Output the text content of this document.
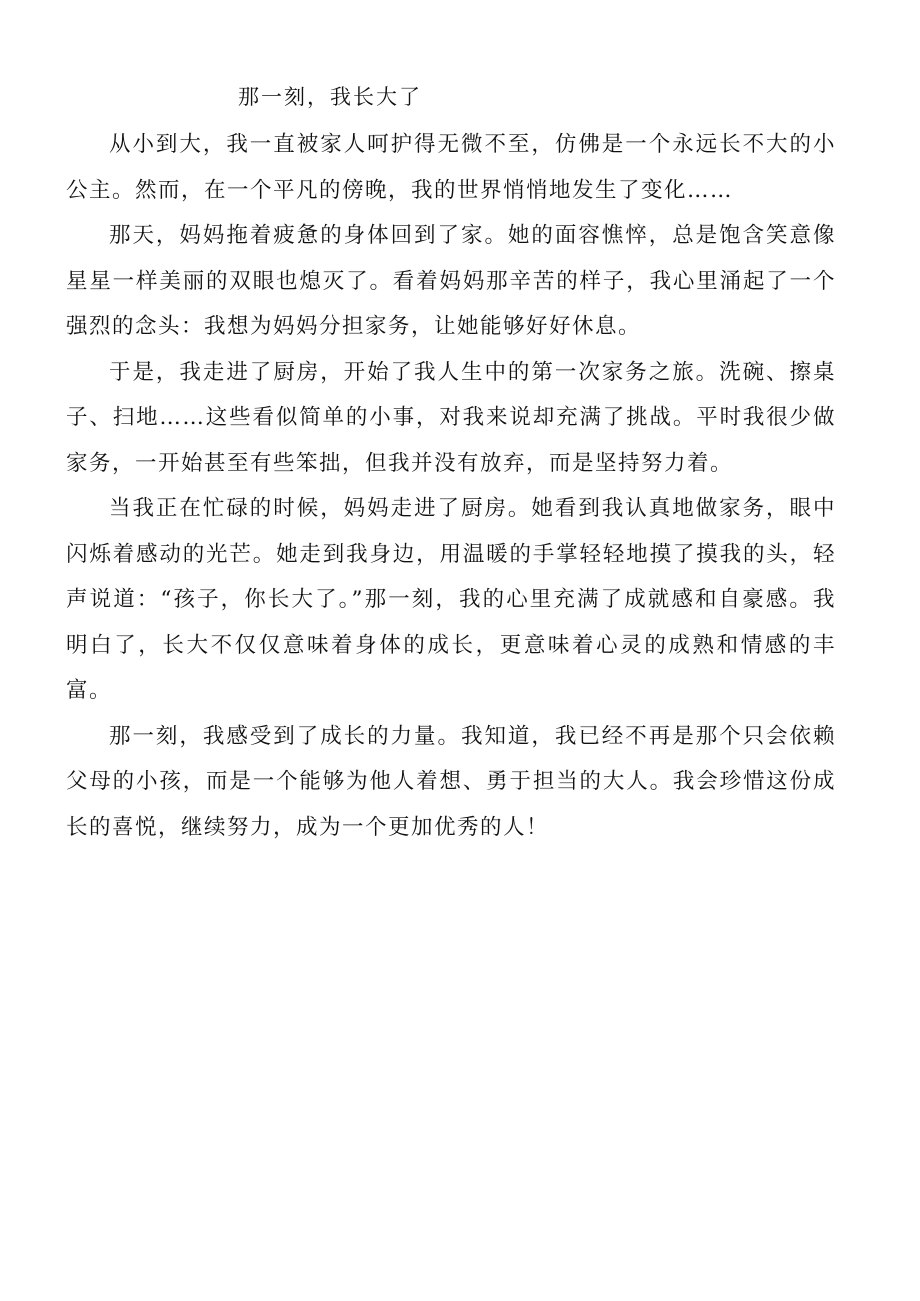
那一刻，我长大了

从小到大，我一直被家人呵护得无微不至，仿佛是一个永远长不大的小公主。然而，在一个平凡的傍晚，我的世界悄悄地发生了变化……

那天，妈妈拖着疲惫的身体回到了家。她的面容憔悴，总是饱含笑意像星星一样美丽的双眼也熄灭了。看着妈妈那辛苦的样子，我心里涌起了一个强烈的念头：我想为妈妈分担家务，让她能够好好休息。

于是，我走进了厨房，开始了我人生中的第一次家务之旅。洗碗、擦桌子、扫地……这些看似简单的小事，对我来说却充满了挑战。平时我很少做家务，一开始甚至有些笨拙，但我并没有放弃，而是坚持努力着。

当我正在忙碌的时候，妈妈走进了厨房。她看到我认真地做家务，眼中闪烁着感动的光芒。她走到我身边，用温暖的手掌轻轻地摸了摸我的头，轻声说道：“孩子，你长大了。”那一刻，我的心里充满了成就感和自豪感。我明白了，长大不仅仅意味着身体的成长，更意味着心灵的成熟和情感的丰富。

那一刻，我感受到了成长的力量。我知道，我已经不再是那个只会依赖父母的小孩，而是一个能够为他人着想、勇于担当的大人。我会珍惜这份成长的喜悦，继续努力，成为一个更加优秀的人！
